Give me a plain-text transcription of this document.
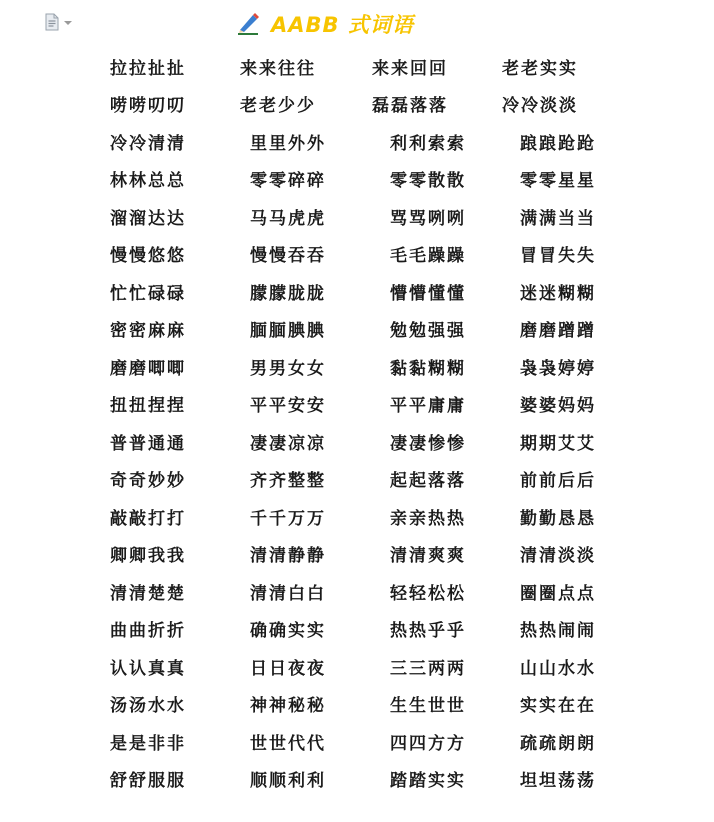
AABB 式词语
拉拉扯扯	来来往往	来来回回	老老实实
唠唠叨叨	老老少少	磊磊落落	冷冷淡淡
冷冷清清	里里外外	利利索索	踉踉跄跄
林林总总	零零碎碎	零零散散	零零星星
溜溜达达	马马虎虎	骂骂咧咧	满满当当
慢慢悠悠	慢慢吞吞	毛毛躁躁	冒冒失失
忙忙碌碌	朦朦胧胧	懵懵懂懂	迷迷糊糊
密密麻麻	腼腼腆腆	勉勉强强	磨磨蹭蹭
磨磨唧唧	男男女女	黏黏糊糊	袅袅婷婷
扭扭捏捏	平平安安	平平庸庸	婆婆妈妈
普普通通	凄凄凉凉	凄凄惨惨	期期艾艾
奇奇妙妙	齐齐整整	起起落落	前前后后
敲敲打打	千千万万	亲亲热热	勤勤恳恳
卿卿我我	清清静静	清清爽爽	清清淡淡
清清楚楚	清清白白	轻轻松松	圈圈点点
曲曲折折	确确实实	热热乎乎	热热闹闹
认认真真	日日夜夜	三三两两	山山水水
汤汤水水	神神秘秘	生生世世	实实在在
是是非非	世世代代	四四方方	疏疏朗朗
舒舒服服	顺顺利利	踏踏实实	坦坦荡荡
